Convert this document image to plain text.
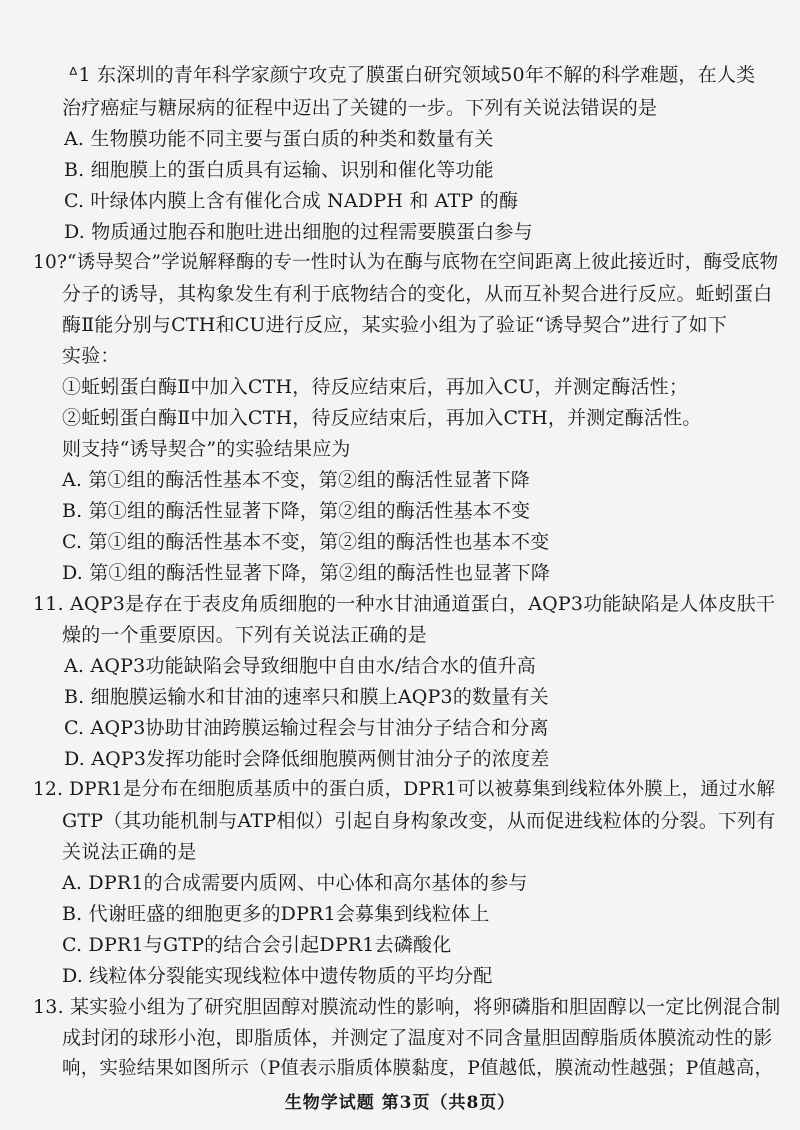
ᐞ1 东深圳的青年科学家颜宁攻克了膜蛋白研究领域50年不解的科学难题，在人类
治疗癌症与糖尿病的征程中迈出了关键的一步。下列有关说法错误的是
A. 生物膜功能不同主要与蛋白质的种类和数量有关
B. 细胞膜上的蛋白质具有运输、识别和催化等功能
C. 叶绿体内膜上含有催化合成 NADPH 和 ATP 的酶
D. 物质通过胞吞和胞吐进出细胞的过程需要膜蛋白参与
10?“诱导契合”学说解释酶的专一性时认为在酶与底物在空间距离上彼此接近时，酶受底物
分子的诱导，其构象发生有利于底物结合的变化，从而互补契合进行反应。蚯蚓蛋白
酶Ⅱ能分别与CTH和CU进行反应，某实验小组为了验证“诱导契合”进行了如下
实验：
①蚯蚓蛋白酶Ⅱ中加入CTH，待反应结束后，再加入CU，并测定酶活性；
②蚯蚓蛋白酶Ⅱ中加入CTH，待反应结束后，再加入CTH，并测定酶活性。
则支持“诱导契合”的实验结果应为
A. 第①组的酶活性基本不变，第②组的酶活性显著下降
B. 第①组的酶活性显著下降，第②组的酶活性基本不变
C. 第①组的酶活性基本不变，第②组的酶活性也基本不变
D. 第①组的酶活性显著下降，第②组的酶活性也显著下降
11. AQP3是存在于表皮角质细胞的一种水甘油通道蛋白，AQP3功能缺陷是人体皮肤干
燥的一个重要原因。下列有关说法正确的是
A. AQP3功能缺陷会导致细胞中自由水/结合水的值升高
B. 细胞膜运输水和甘油的速率只和膜上AQP3的数量有关
C. AQP3协助甘油跨膜运输过程会与甘油分子结合和分离
D. AQP3发挥功能时会降低细胞膜两侧甘油分子的浓度差
12. DPR1是分布在细胞质基质中的蛋白质，DPR1可以被募集到线粒体外膜上，通过水解
GTP（其功能机制与ATP相似）引起自身构象改变，从而促进线粒体的分裂。下列有
关说法正确的是
A. DPR1的合成需要内质网、中心体和高尔基体的参与
B. 代谢旺盛的细胞更多的DPR1会募集到线粒体上
C. DPR1与GTP的结合会引起DPR1去磷酸化
D. 线粒体分裂能实现线粒体中遗传物质的平均分配
13. 某实验小组为了研究胆固醇对膜流动性的影响，将卵磷脂和胆固醇以一定比例混合制
成封闭的球形小泡，即脂质体，并测定了温度对不同含量胆固醇脂质体膜流动性的影
响，实验结果如图所示（P值表示脂质体膜黏度，P值越低，膜流动性越强；P值越高，
生物学试题 第3页（共8页）
